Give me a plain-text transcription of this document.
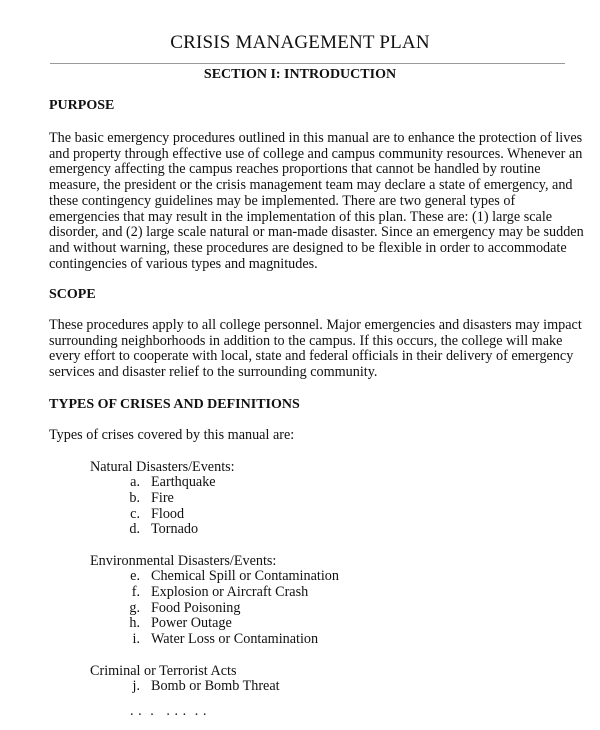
CRISIS MANAGEMENT PLAN
SECTION I: INTRODUCTION
PURPOSE
The basic emergency procedures outlined in this manual are to enhance the protection of lives
and property through effective use of college and campus community resources. Whenever an
emergency affecting the campus reaches proportions that cannot be handled by routine
measure, the president or the crisis management team may declare a state of emergency, and
these contingency guidelines may be implemented. There are two general types of
emergencies that may result in the implementation of this plan. These are: (1) large scale
disorder, and (2) large scale natural or man-made disaster. Since an emergency may be sudden
and without warning, these procedures are designed to be flexible in order to accommodate
contingencies of various types and magnitudes.
SCOPE
These procedures apply to all college personnel. Major emergencies and disasters may impact
surrounding neighborhoods in addition to the campus. If this occurs, the college will make
every effort to cooperate with local, state and federal officials in their delivery of emergency
services and disaster relief to the surrounding community.
TYPES OF CRISES AND DEFINITIONS
Types of crises covered by this manual are:
Natural Disasters/Events:
a. Earthquake
b. Fire
c. Flood
d. Tornado
Environmental Disasters/Events:
e. Chemical Spill or Contamination
f. Explosion or Aircraft Crash
g. Food Poisoning
h. Power Outage
i. Water Loss or Contamination
Criminal or Terrorist Acts
j. Bomb or Bomb Threat
. .  .   . . .  . .
